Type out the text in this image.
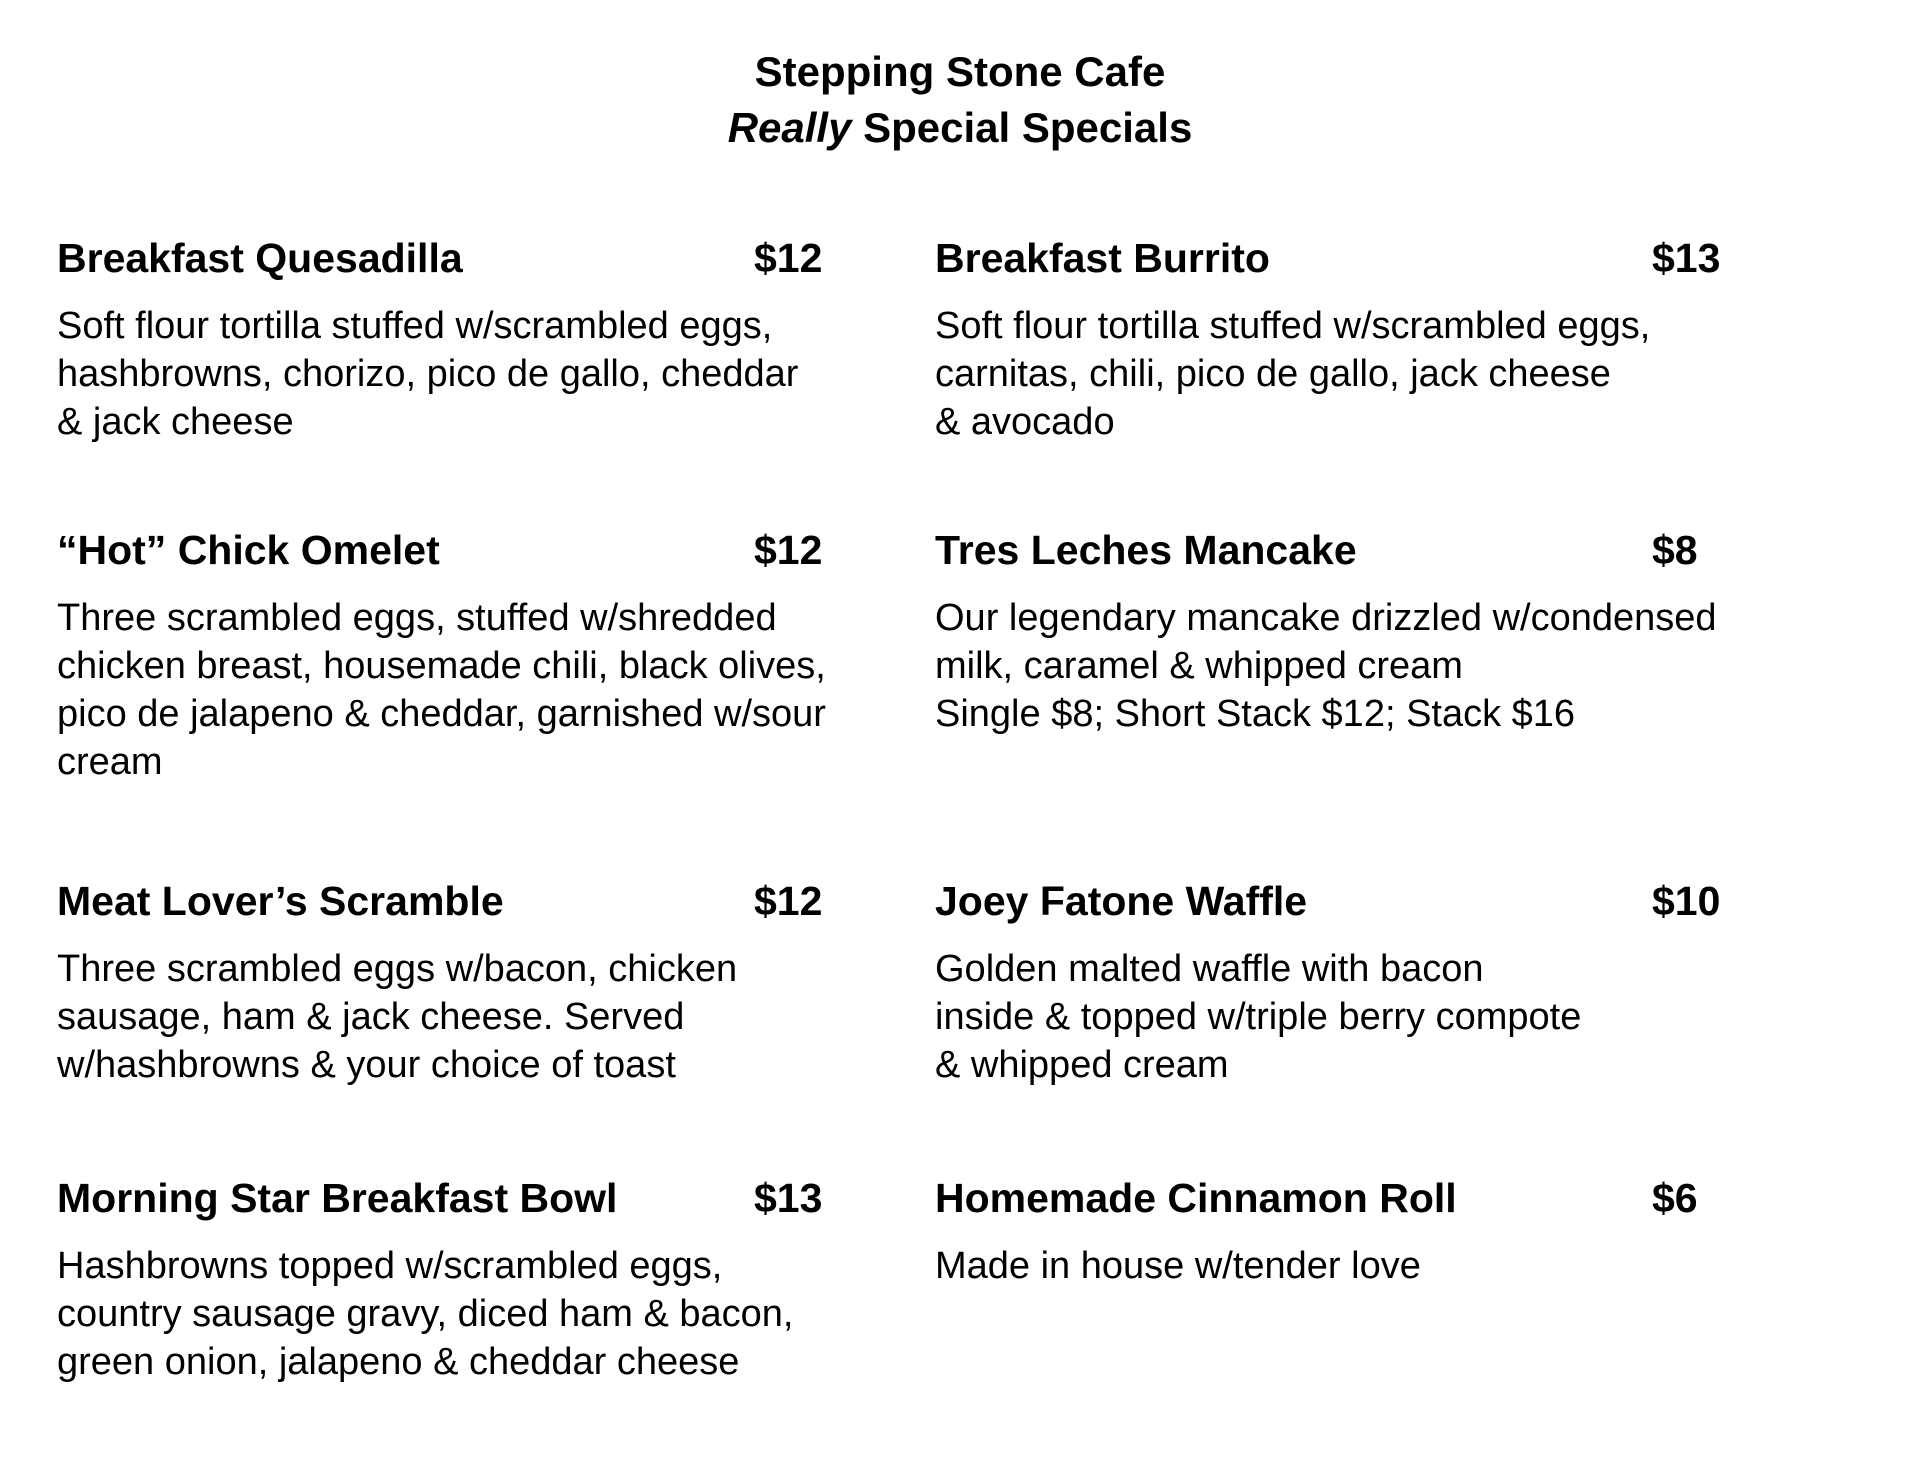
Stepping Stone Cafe
Really Special Specials
Breakfast Quesadilla	$12
Soft flour tortilla stuffed w/scrambled eggs,
hashbrowns, chorizo, pico de gallo, cheddar
& jack cheese
Breakfast Burrito	$13
Soft flour tortilla stuffed w/scrambled eggs,
carnitas, chili, pico de gallo, jack cheese
& avocado
“Hot” Chick Omelet	$12
Three scrambled eggs, stuffed w/shredded
chicken breast, housemade chili, black olives,
pico de jalapeno & cheddar, garnished w/sour
cream
Tres Leches Mancake	$8
Our legendary mancake drizzled w/condensed
milk, caramel & whipped cream
Single $8; Short Stack $12; Stack $16
Meat Lover’s Scramble	$12
Three scrambled eggs w/bacon, chicken
sausage, ham & jack cheese. Served
w/hashbrowns & your choice of toast
Joey Fatone Waffle	$10
Golden malted waffle with bacon
inside & topped w/triple berry compote
& whipped cream
Morning Star Breakfast Bowl	$13
Hashbrowns topped w/scrambled eggs,
country sausage gravy, diced ham & bacon,
green onion, jalapeno & cheddar cheese
Homemade Cinnamon Roll	$6
Made in house w/tender love
